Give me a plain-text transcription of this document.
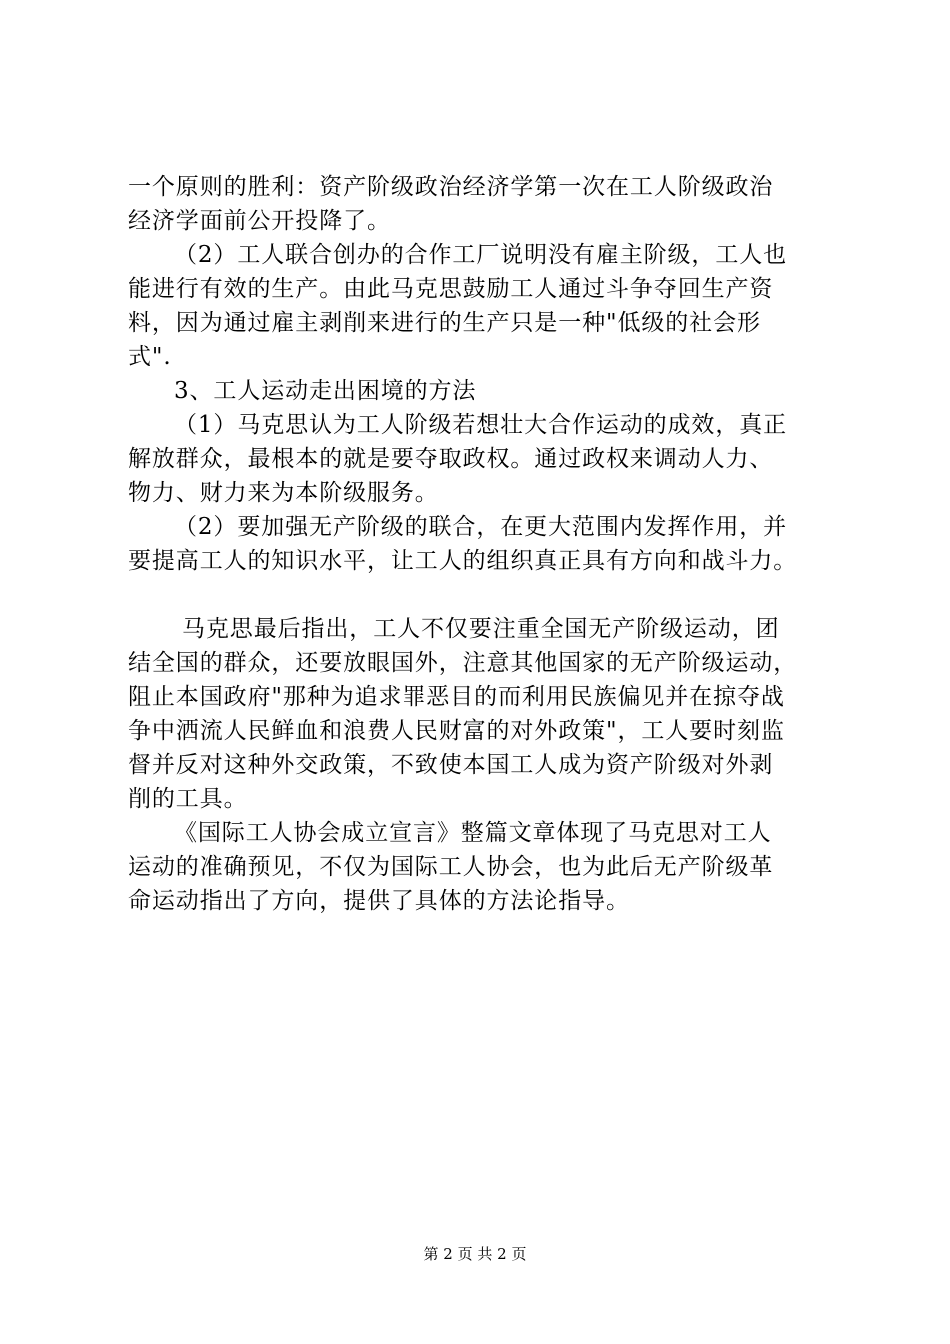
一个原则的胜利：资产阶级政治经济学第一次在工人阶级政治
经济学面前公开投降了。
（2）工人联合创办的合作工厂说明没有雇主阶级，工人也
能进行有效的生产。由此马克思鼓励工人通过斗争夺回生产资
料，因为通过雇主剥削来进行的生产只是一种"低级的社会形
式".
3、工人运动走出困境的方法
（1）马克思认为工人阶级若想壮大合作运动的成效，真正
解放群众，最根本的就是要夺取政权。通过政权来调动人力、
物力、财力来为本阶级服务。
（2）要加强无产阶级的联合，在更大范围内发挥作用，并
要提高工人的知识水平，让工人的组织真正具有方向和战斗力。
马克思最后指出，工人不仅要注重全国无产阶级运动，团
结全国的群众，还要放眼国外，注意其他国家的无产阶级运动，
阻止本国政府"那种为追求罪恶目的而利用民族偏见并在掠夺战
争中洒流人民鲜血和浪费人民财富的对外政策"，工人要时刻监
督并反对这种外交政策，不致使本国工人成为资产阶级对外剥
削的工具。
《国际工人协会成立宣言》整篇文章体现了马克思对工人
运动的准确预见，不仅为国际工人协会，也为此后无产阶级革
命运动指出了方向，提供了具体的方法论指导。
第 2 页 共 2 页
